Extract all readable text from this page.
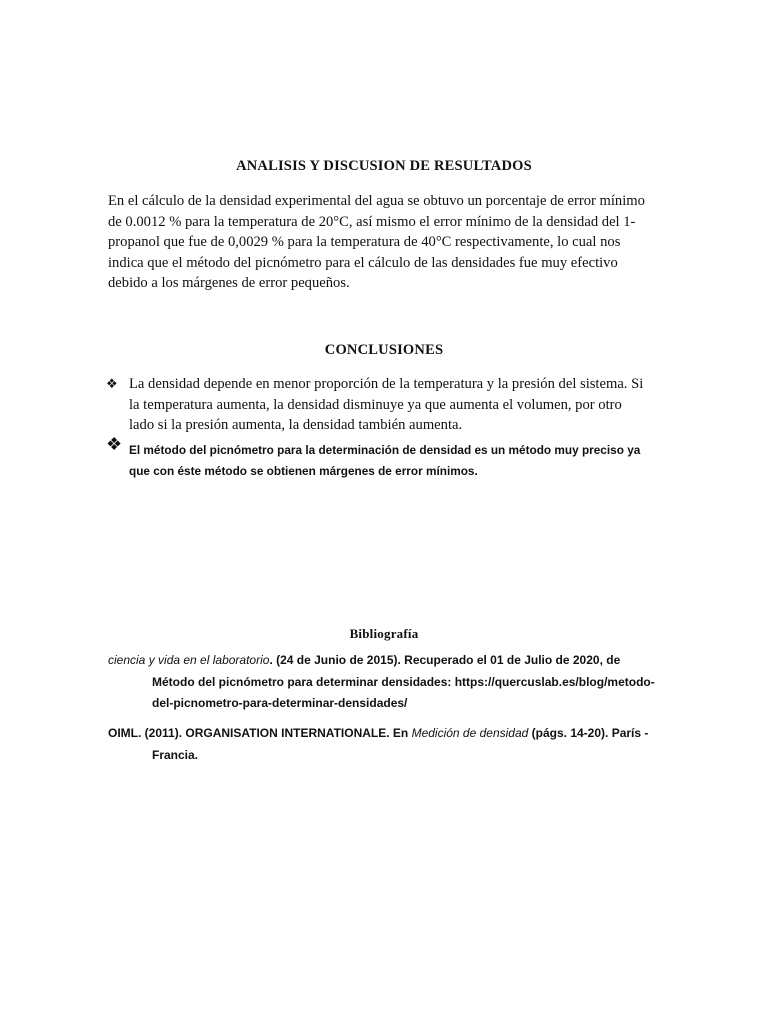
ANALISIS Y DISCUSION DE RESULTADOS
En el cálculo de la densidad experimental del agua se obtuvo un porcentaje de error mínimo
de 0.0012 % para la temperatura de 20°C, así mismo el error mínimo de la densidad del 1-
propanol que fue de 0,0029 % para la temperatura de 40°C respectivamente, lo cual nos
indica que el método del picnómetro para el cálculo de las densidades fue muy efectivo
debido a los márgenes de error pequeños.
CONCLUSIONES
❖ La densidad depende en menor proporción de la temperatura y la presión del sistema. Si
la temperatura aumenta, la densidad disminuye ya que aumenta el volumen, por otro
lado si la presión aumenta, la densidad también aumenta.
❖ El método del picnómetro para la determinación de densidad es un método muy preciso ya
que con éste método se obtienen márgenes de error mínimos.
Bibliografía
ciencia y vida en el laboratorio. (24 de Junio de 2015). Recuperado el 01 de Julio de 2020, de
Método del picnómetro para determinar densidades: https://quercuslab.es/blog/metodo-
del-picnometro-para-determinar-densidades/
OIML. (2011). ORGANISATION INTERNATIONALE. En Medición de densidad (págs. 14-20). París -
Francia.
